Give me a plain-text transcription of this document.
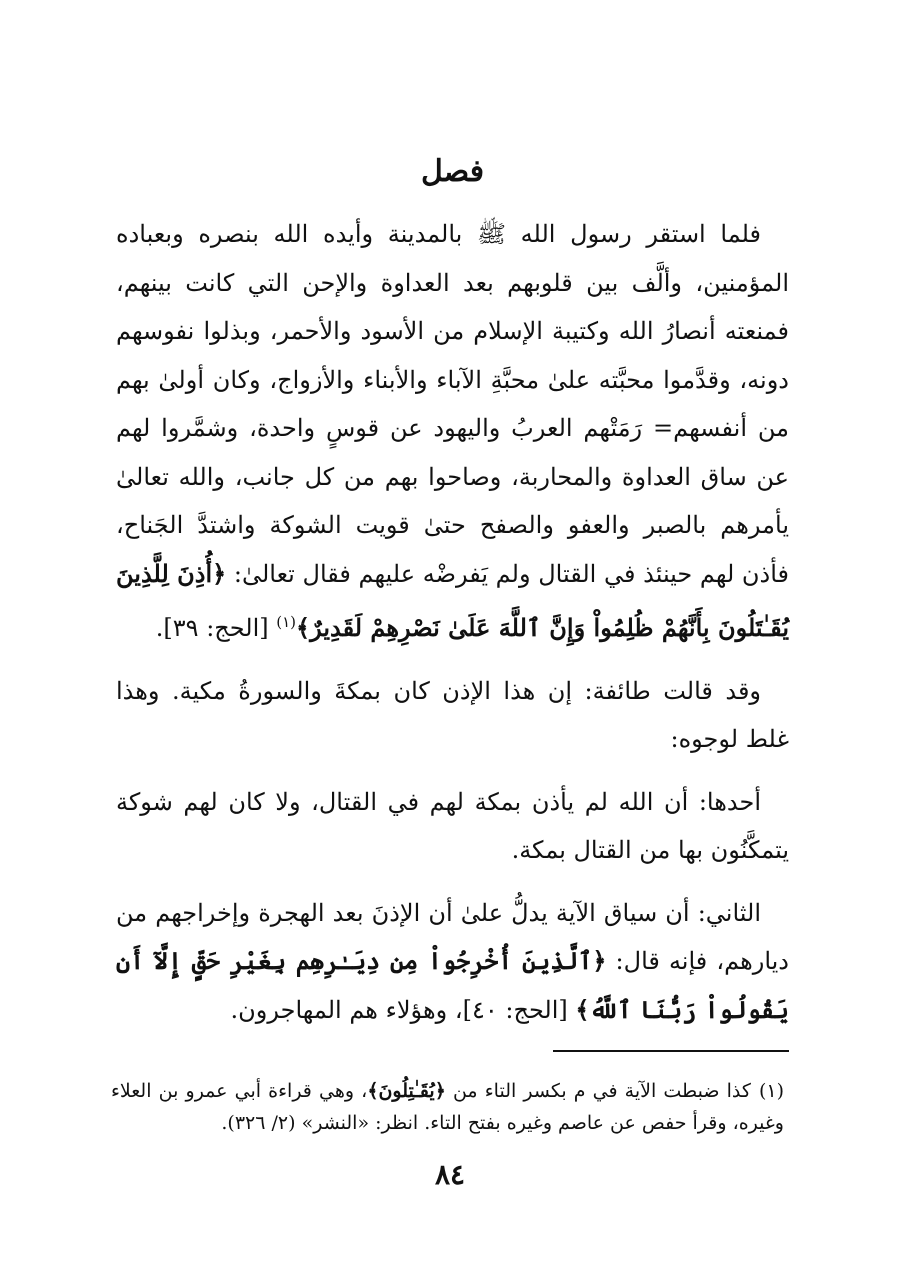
فصل

فلما استقر رسول الله ﷺ بالمدينة وأيده الله بنصره وبعباده المؤمنين، وألَّف بين قلوبهم بعد العداوة والإحن التي كانت بينهم، فمنعته أنصارُ الله وكتيبة الإسلام من الأسود والأحمر، وبذلوا نفوسهم دونه، وقدَّموا محبَّته علىٰ محبَّةِ الآباء والأبناء والأزواج، وكان أولىٰ بهم من أنفسهم= رَمَتْهم العربُ واليهود عن قوسٍ واحدة، وشمَّروا لهم عن ساق العداوة والمحاربة، وصاحوا بهم من كل جانب، والله تعالىٰ يأمرهم بالصبر والعفو والصفح حتىٰ قويت الشوكة واشتدَّ الجَناح، فأذن لهم حينئذ في القتال ولم يَفرضْه عليهم فقال تعالىٰ: ﴿أُذِنَ لِلَّذِينَ يُقَـٰتَلُونَ بِأَنَّهُمْ ظُلِمُواْ وَإِنَّ ٱللَّهَ عَلَىٰ نَصْرِهِمْ لَقَدِيرٌ﴾$^{(١)}$ [الحج: ٣٩].

وقد قالت طائفة: إن هذا الإذن كان بمكةَ والسورةُ مكية. وهذا غلط لوجوه:

أحدها: أن الله لم يأذن بمكة لهم في القتال، ولا كان لهم شوكة يتمكَّنُون بها من القتال بمكة.

الثاني: أن سياق الآية يدلُّ علىٰ أن الإذنَ بعد الهجرة وإخراجهم من ديارهم، فإنه قال: ﴿ٱلَّذِينَ أُخْرِجُواْ مِن دِيَـٰرِهِم بِغَيْرِ حَقٍّ إِلَّآ أَن يَقُولُواْ رَبُّنَا ٱللَّهُ﴾ [الحج: ٤٠]، وهؤلاء هم المهاجرون.

(١)كذا ضبطت الآية في م بكسر التاء من ﴿يُقَـٰتِلُونَ﴾، وهي قراءة أبي عمرو بن العلاء وغيره، وقرأ حفص عن عاصم وغيره بفتح التاء. انظر: «النشر» (٢/ ٣٢٦).
٨٤
